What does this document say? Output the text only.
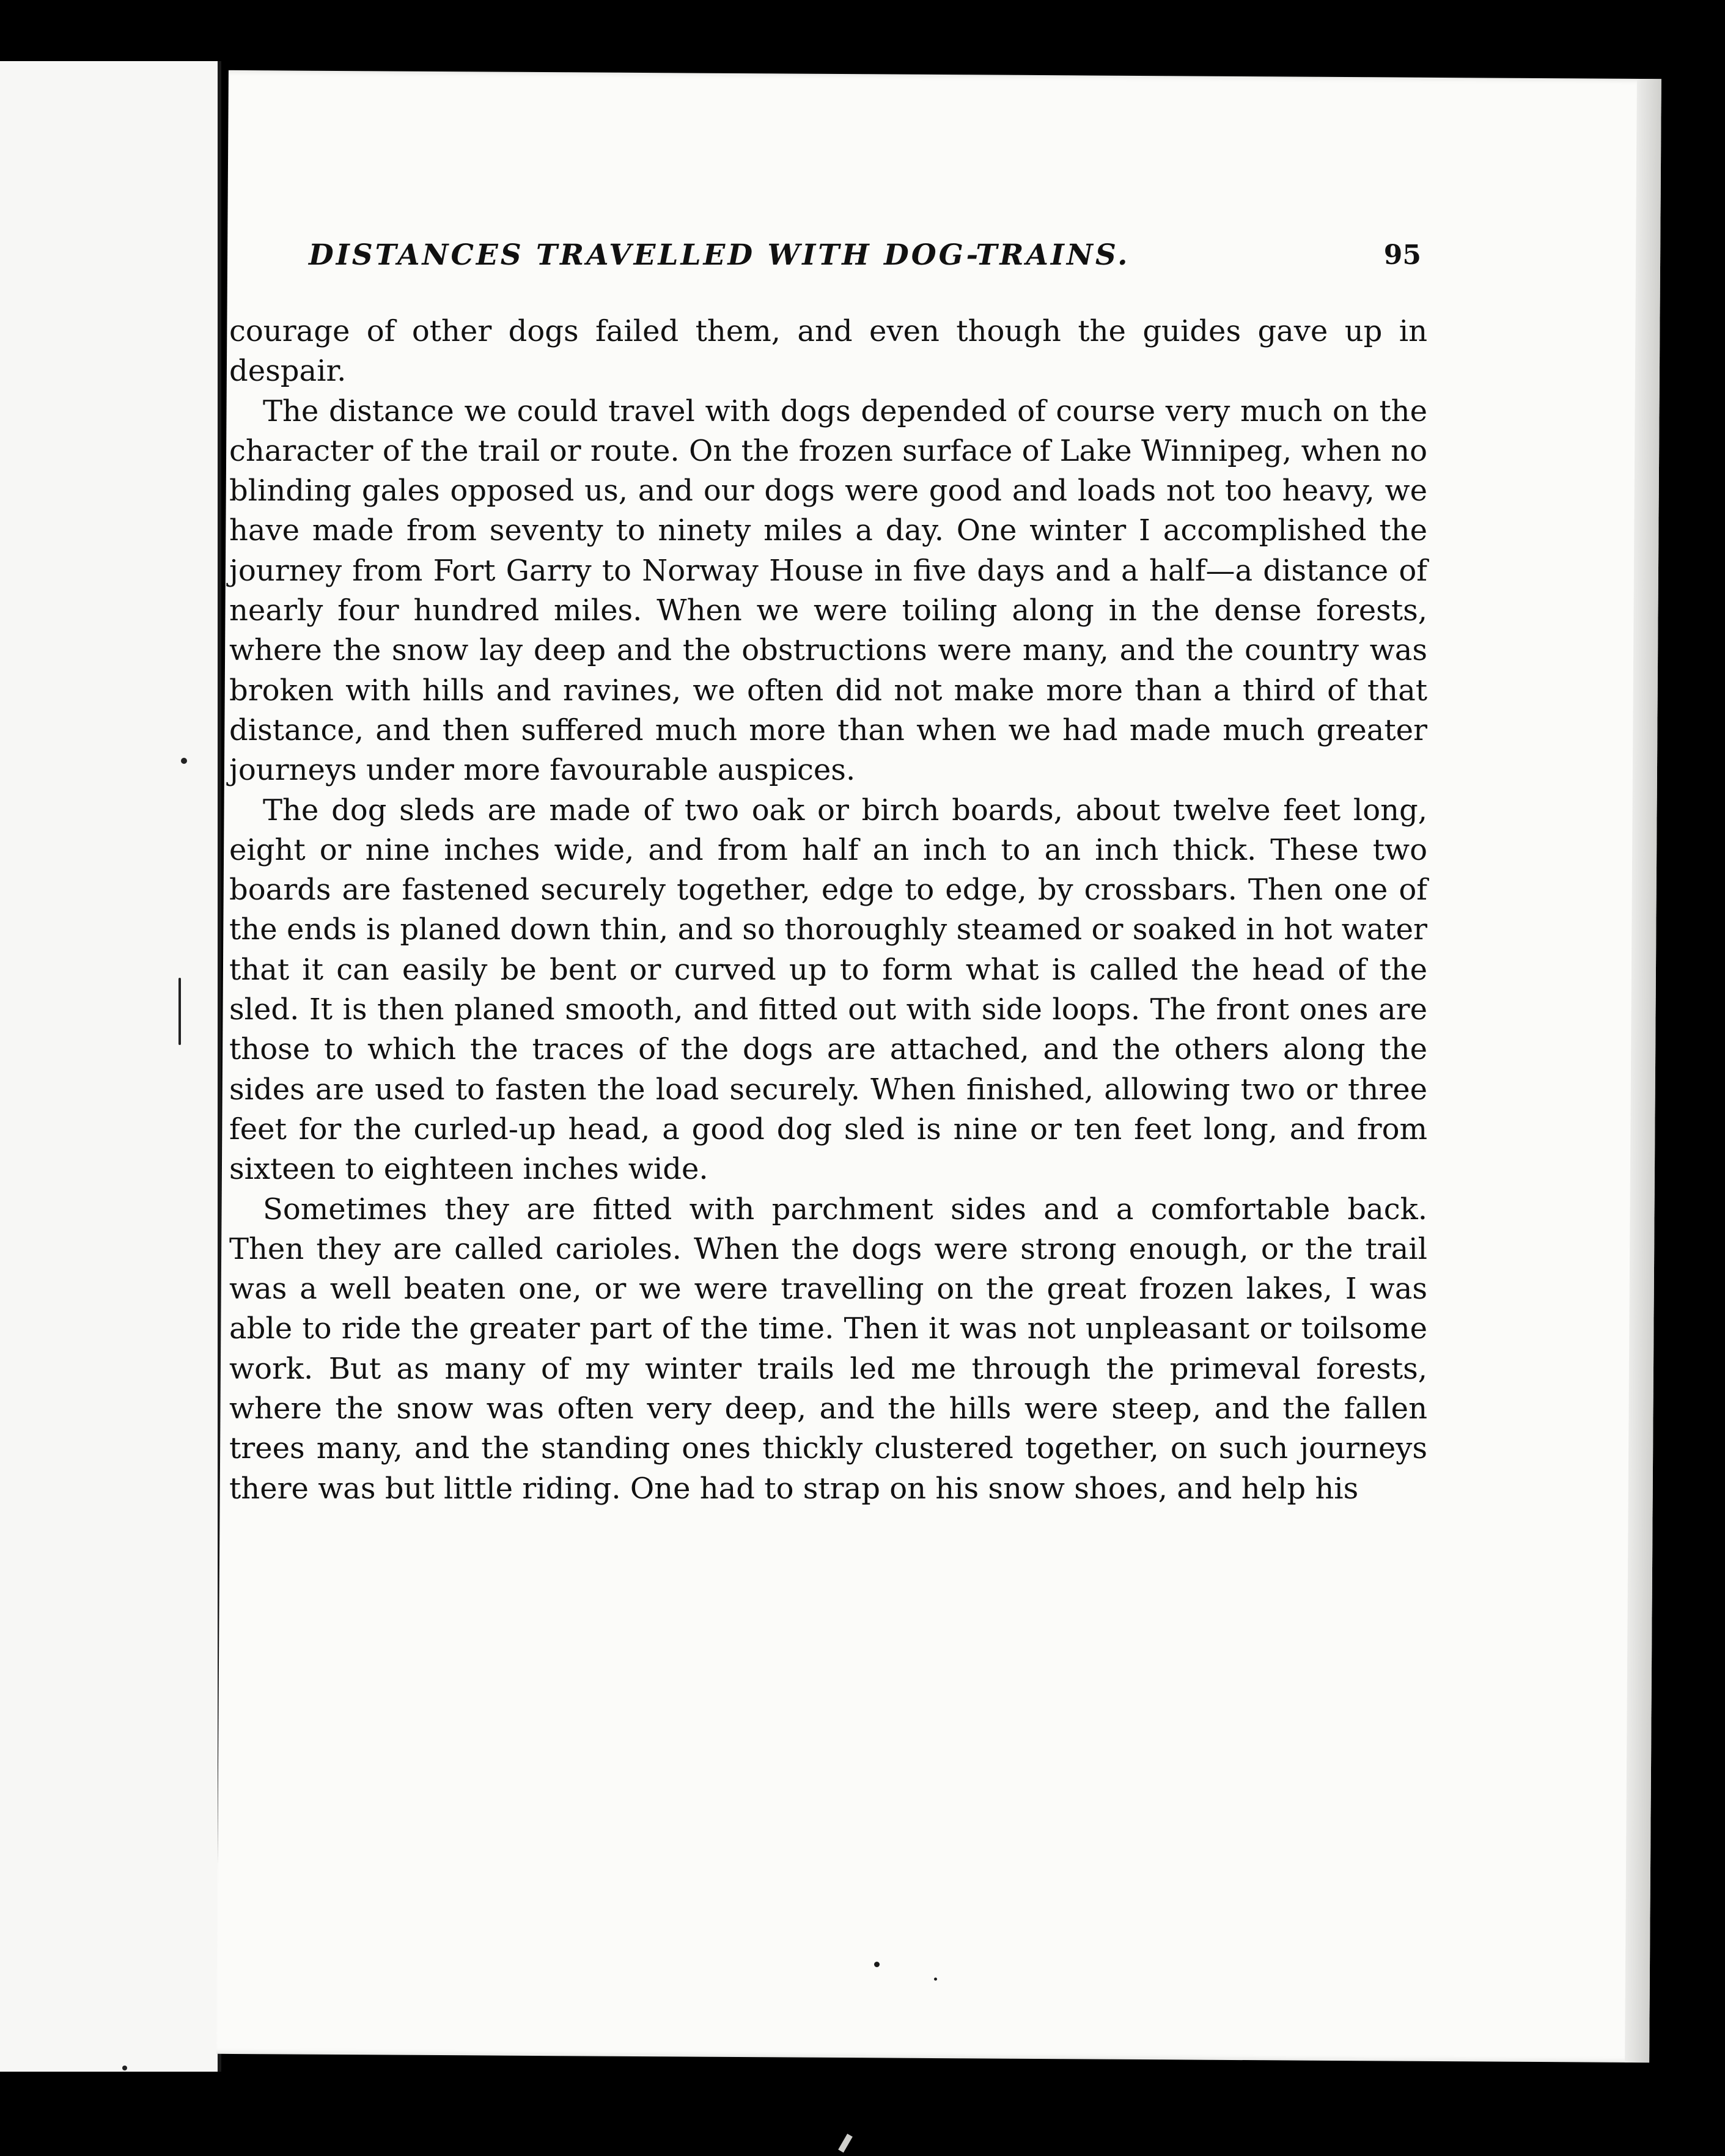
DISTANCES TRAVELLED WITH DOG-TRAINS.	95

courage of other dogs failed them, and even though the guides gave up in despair.

The distance we could travel with dogs depended of course very much on the character of the trail or route. On the frozen surface of Lake Winnipeg, when no blinding gales opposed us, and our dogs were good and loads not too heavy, we have made from seventy to ninety miles a day. One winter I accomplished the journey from Fort Garry to Norway House in five days and a half—a distance of nearly four hundred miles. When we were toiling along in the dense forests, where the snow lay deep and the obstructions were many, and the country was broken with hills and ravines, we often did not make more than a third of that distance, and then suffered much more than when we had made much greater journeys under more favourable auspices.

The dog sleds are made of two oak or birch boards, about twelve feet long, eight or nine inches wide, and from half an inch to an inch thick. These two boards are fastened securely together, edge to edge, by crossbars. Then one of the ends is planed down thin, and so thoroughly steamed or soaked in hot water that it can easily be bent or curved up to form what is called the head of the sled. It is then planed smooth, and fitted out with side loops. The front ones are those to which the traces of the dogs are attached, and the others along the sides are used to fasten the load securely. When finished, allowing two or three feet for the curled-up head, a good dog sled is nine or ten feet long, and from sixteen to eighteen inches wide.

Sometimes they are fitted with parchment sides and a comfortable back. Then they are called carioles. When the dogs were strong enough, or the trail was a well beaten one, or we were travelling on the great frozen lakes, I was able to ride the greater part of the time. Then it was not unpleasant or toilsome work. But as many of my winter trails led me through the primeval forests, where the snow was often very deep, and the hills were steep, and the fallen trees many, and the standing ones thickly clustered together, on such journeys there was but little riding. One had to strap on his snow shoes, and help his
